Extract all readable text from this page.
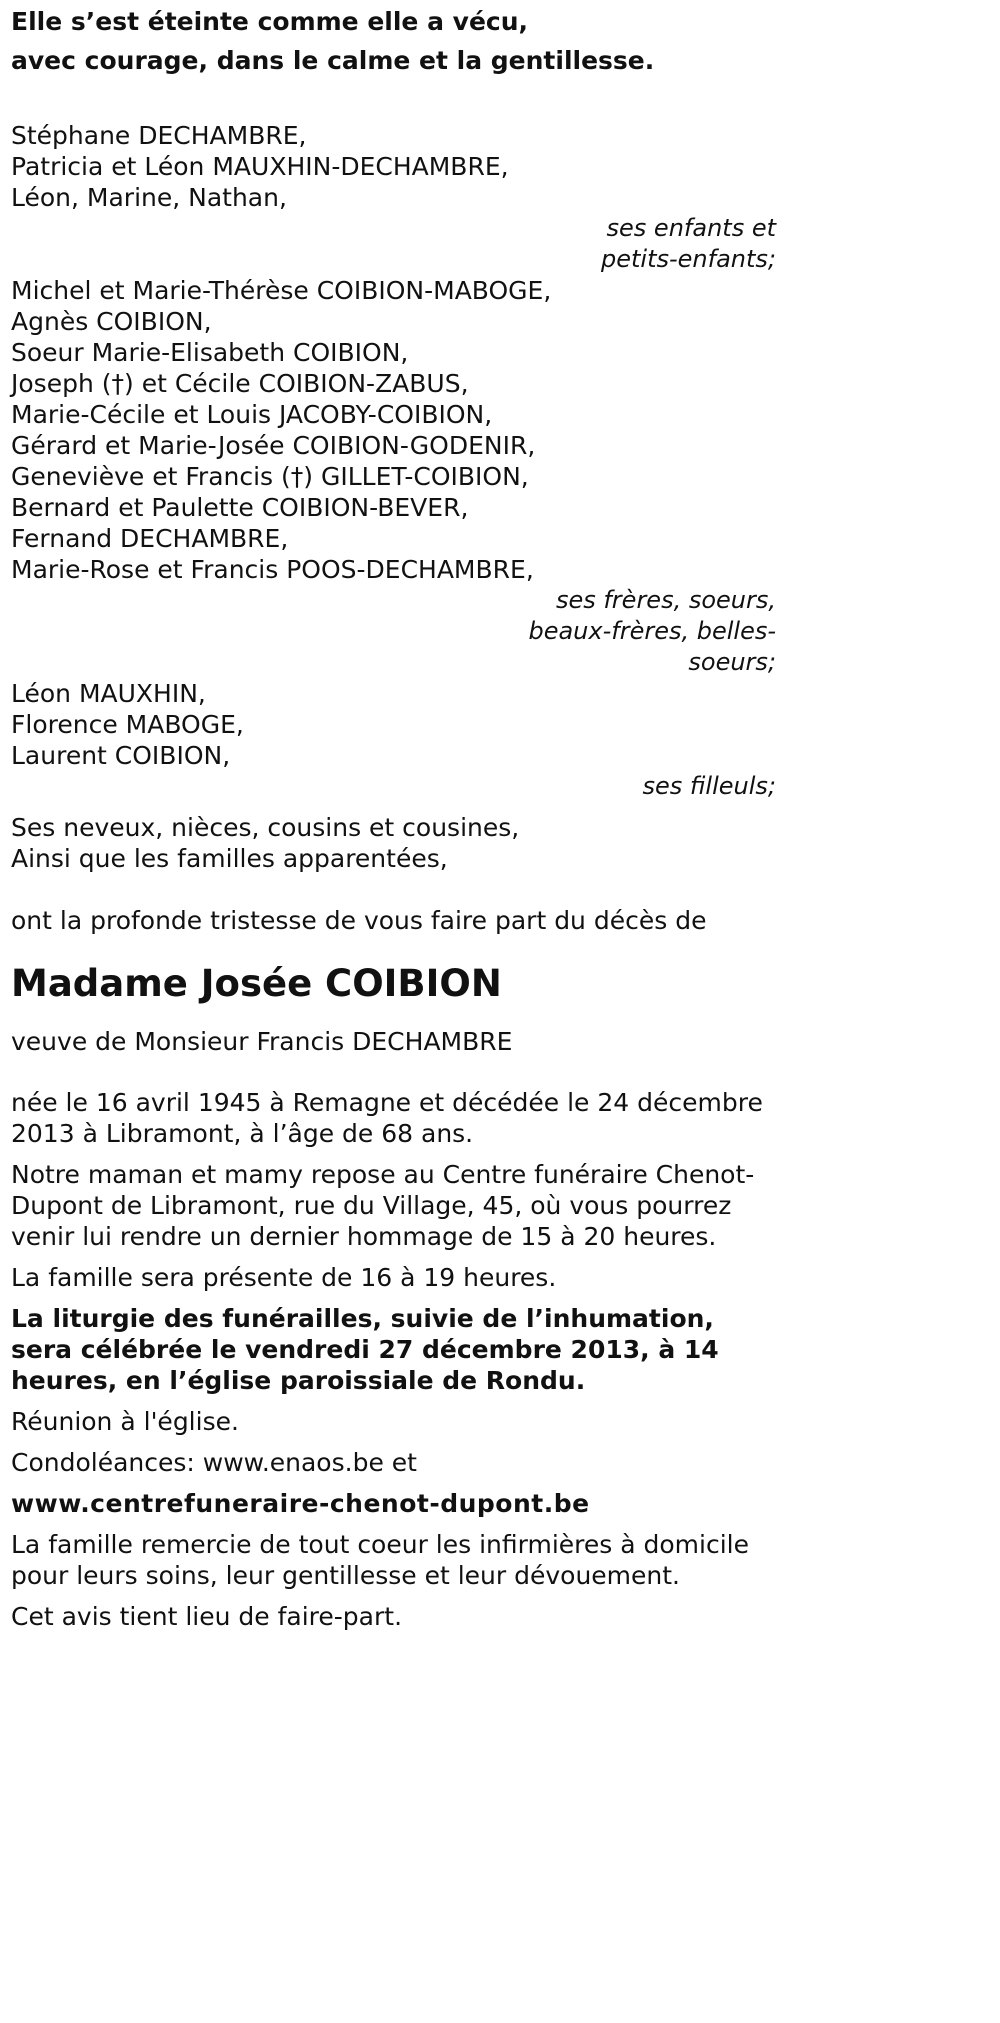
Elle s’est éteinte comme elle a vécu,
avec courage, dans le calme et la gentillesse.
Stéphane DECHAMBRE,
Patricia et Léon MAUXHIN-DECHAMBRE,
Léon, Marine, Nathan,
ses enfants et
petits-enfants;
Michel et Marie-Thérèse COIBION-MABOGE,
Agnès COIBION,
Soeur Marie-Elisabeth COIBION,
Joseph (†) et Cécile COIBION-ZABUS,
Marie-Cécile et Louis JACOBY-COIBION,
Gérard et Marie-Josée COIBION-GODENIR,
Geneviève et Francis (†) GILLET-COIBION,
Bernard et Paulette COIBION-BEVER,
Fernand DECHAMBRE,
Marie-Rose et Francis POOS-DECHAMBRE,
ses frères, soeurs,
beaux-frères, belles-
soeurs;
Léon MAUXHIN,
Florence MABOGE,
Laurent COIBION,
ses filleuls;
Ses neveux, nièces, cousins et cousines,
Ainsi que les familles apparentées,
ont la profonde tristesse de vous faire part du décès de
Madame Josée COIBION
veuve de Monsieur Francis DECHAMBRE

née le 16 avril 1945 à Remagne et décédée le 24 décembre 2013 à Libramont, à l’âge de 68 ans.

Notre maman et mamy repose au Centre funéraire Chenot-Dupont de Libramont, rue du Village, 45, où vous pourrez venir lui rendre un dernier hommage de 15 à 20 heures.

La famille sera présente de 16 à 19 heures.

La liturgie des funérailles, suivie de l’inhumation, sera célébrée le vendredi 27 décembre 2013, à 14 heures, en l’église paroissiale de Rondu.

Réunion à l'église.

Condoléances: www.enaos.be et

www.centrefuneraire-chenot-dupont.be

La famille remercie de tout coeur les infirmières à domicile pour leurs soins, leur gentillesse et leur dévouement.

Cet avis tient lieu de faire-part.
